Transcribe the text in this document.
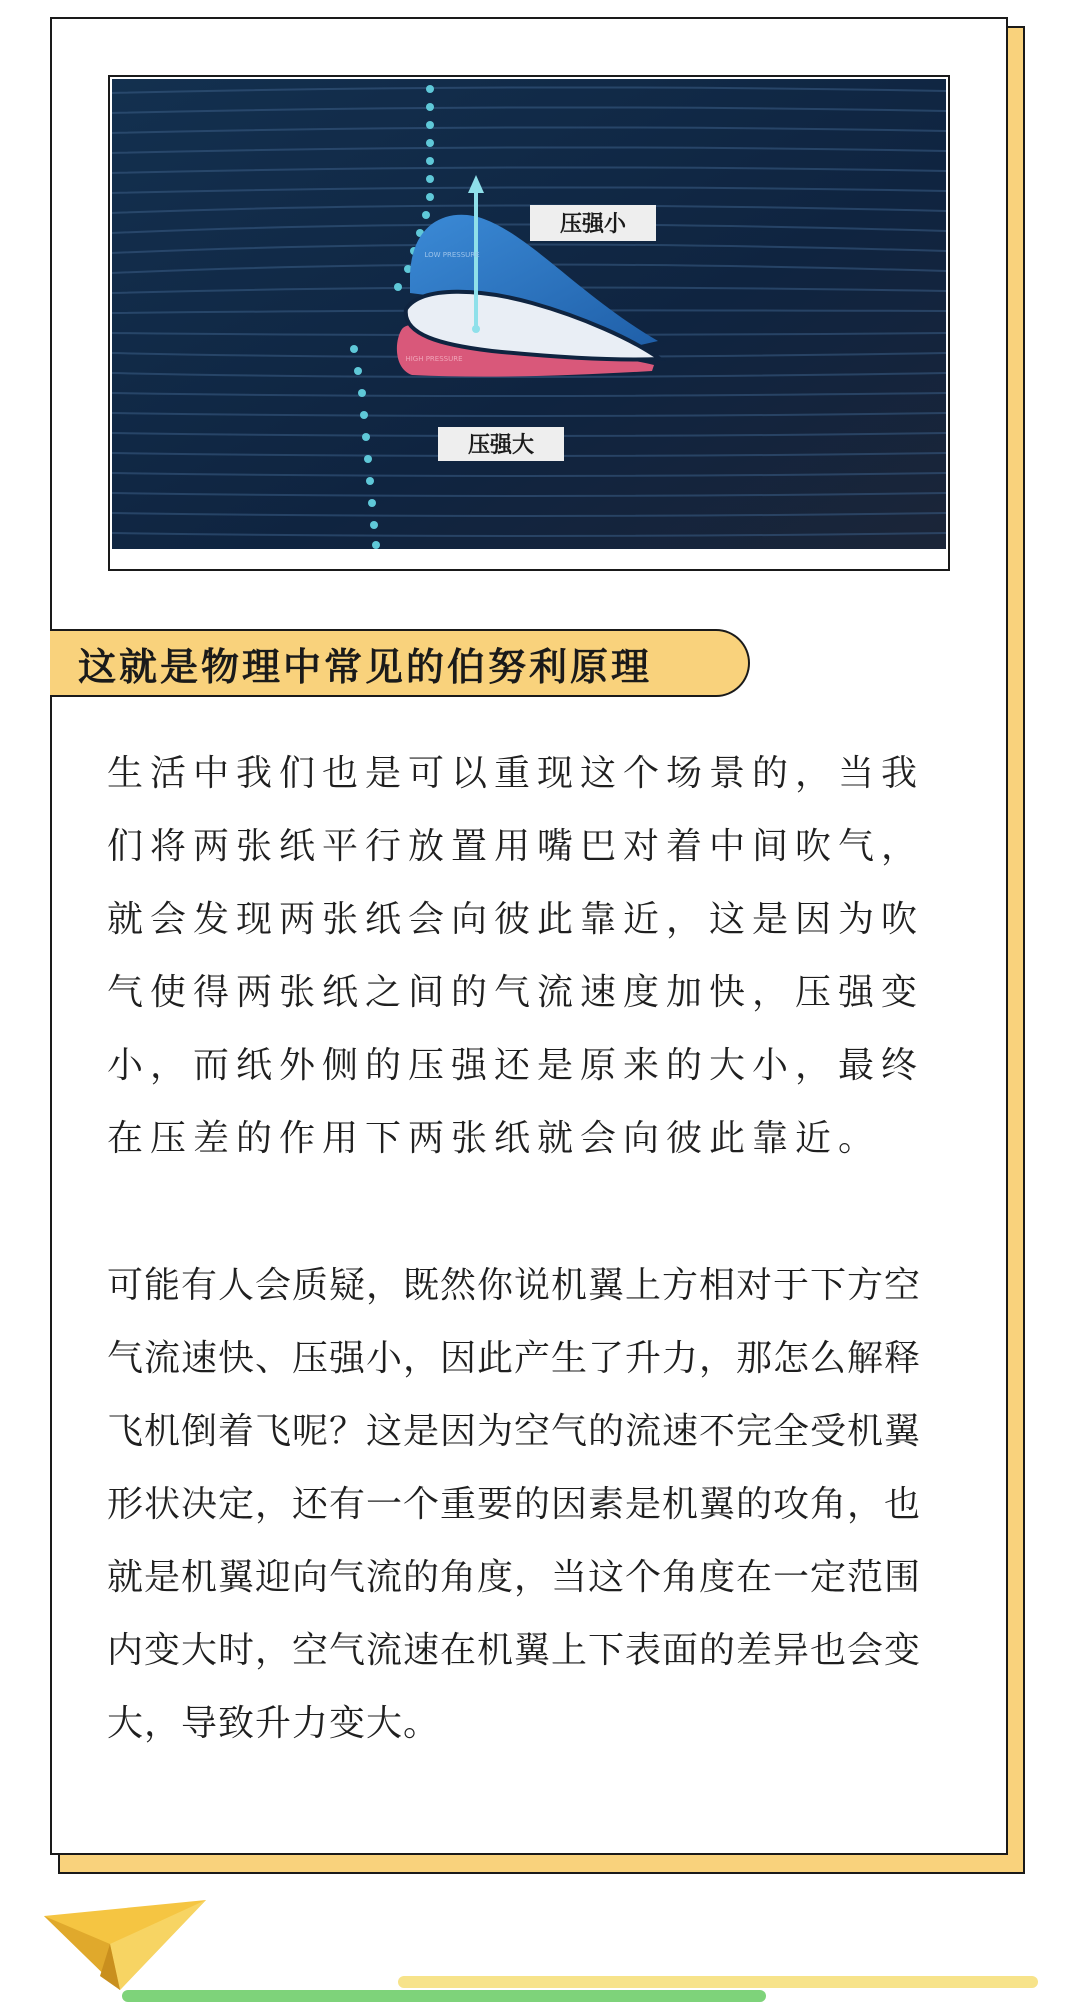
LOW PRESSURE
HIGH PRESSURE
压强小
压强大
这就是物理中常见的伯努利原理

生活中我们也是可以重现这个场景的，当我们将两张纸平行放置用嘴巴对着中间吹气，就会发现两张纸会向彼此靠近，这是因为吹气使得两张纸之间的气流速度加快，压强变小，而纸外侧的压强还是原来的大小，最终在压差的作用下两张纸就会向彼此靠近。

可能有人会质疑，既然你说机翼上方相对于下方空气流速快、压强小，因此产生了升力，那怎么解释飞机倒着飞呢？这是因为空气的流速不完全受机翼形状决定，还有一个重要的因素是机翼的攻角，也就是机翼迎向气流的角度，当这个角度在一定范围内变大时，空气流速在机翼上下表面的差异也会变大，导致升力变大。
